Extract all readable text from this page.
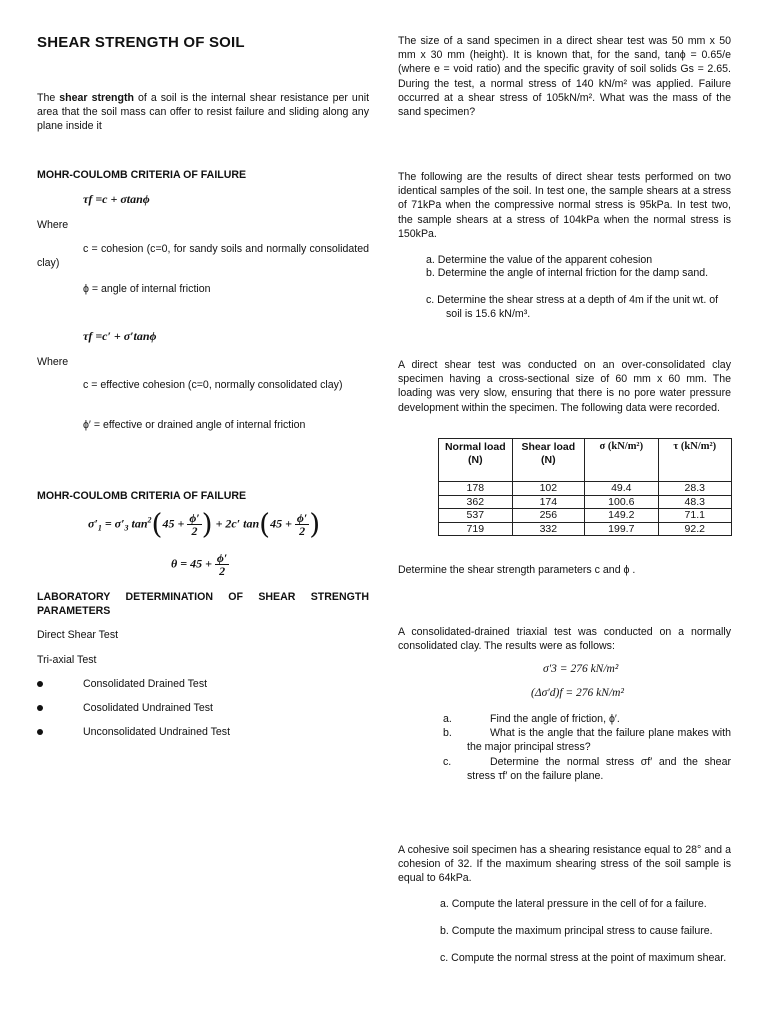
SHEAR STRENGTH OF SOIL
The shear strength of a soil is the internal shear resistance per unit area that the soil mass can offer to resist failure and sliding along any plane inside it
MOHR-COULOMB CRITERIA OF FAILURE
τf =c + σtanϕ
Where
c = cohesion (c=0, for sandy soils and normally consolidated clay)
ϕ = angle of internal friction
τf =c′ + σ′tanϕ
Where
c = effective cohesion (c=0, normally consolidated clay)
ϕ′ = effective or drained angle of internal friction
MOHR-COULOMB CRITERIA OF FAILURE
$\sigma'_1 = \sigma'_3$ $\tan^2(45 + \frac{\phi'}{2}$ ) + 2c′ $\tan(45 + \frac{\phi'}{2}$ )
$\theta = 45 + \frac{\phi'}{2}$
LABORATORY DETERMINATION OF SHEAR STRENGTH PARAMETERS
Direct Shear Test
Tri-axial Test
Consolidated Drained Test
Cosolidated Undrained Test
Unconsolidated Undrained Test
The size of a sand specimen in a direct shear test was 50 mm x 50 mm x 30 mm (height). It is known that, for the sand, tanϕ = 0.65/e (where e = void ratio) and the specific gravity of soil solids Gs = 2.65. During the test, a normal stress of 140 kN/m² was applied. Failure occurred at a shear stress of 105kN/m². What was the mass of the sand specimen?
The following are the results of direct shear tests performed on two identical samples of the soil. In test one, the sample shears at a stress of 71kPa when the compressive normal stress is 95kPa. In test two, the sample shears at a stress of 104kPa when the normal stress is 150kPa.
a. Determine the value of the apparent cohesion
b. Determine the angle of internal friction for the damp sand.
c. Determine the shear stress at a depth of 4m if the unit wt. of soil is 15.6 kN/m³.
A direct shear test was conducted on an over-consolidated clay specimen having a cross-sectional size of 60 mm x 60 mm. The loading was very slow, ensuring that there is no pore water pressure development within the specimen. The following data were recorded.
Normal load (N)	Shear load (N)	σ (kN/m²)	τ (kN/m²)
178	102	49.4	28.3
362	174	100.6	48.3
537	256	149.2	71.1
719	332	199.7	92.2
Determine the shear strength parameters c and ϕ .
A consolidated-drained triaxial test was conducted on a normally consolidated clay. The results were as follows:
σ′3 = 276 kN/m²
(Δσ′d)f = 276 kN/m²
a.	Find the angle of friction, ϕ′.
b.	What is the angle that the failure plane makes with the major principal stress?
c.	Determine the normal stress σf′ and the shear stress τf′ on the failure plane.
A cohesive soil specimen has a shearing resistance equal to 28° and a cohesion of 32. If the maximum shearing stress of the soil sample is equal to 64kPa.
a. Compute the lateral pressure in the cell of for a failure.
b. Compute the maximum principal stress to cause failure.
c. Compute the normal stress at the point of maximum shear.
